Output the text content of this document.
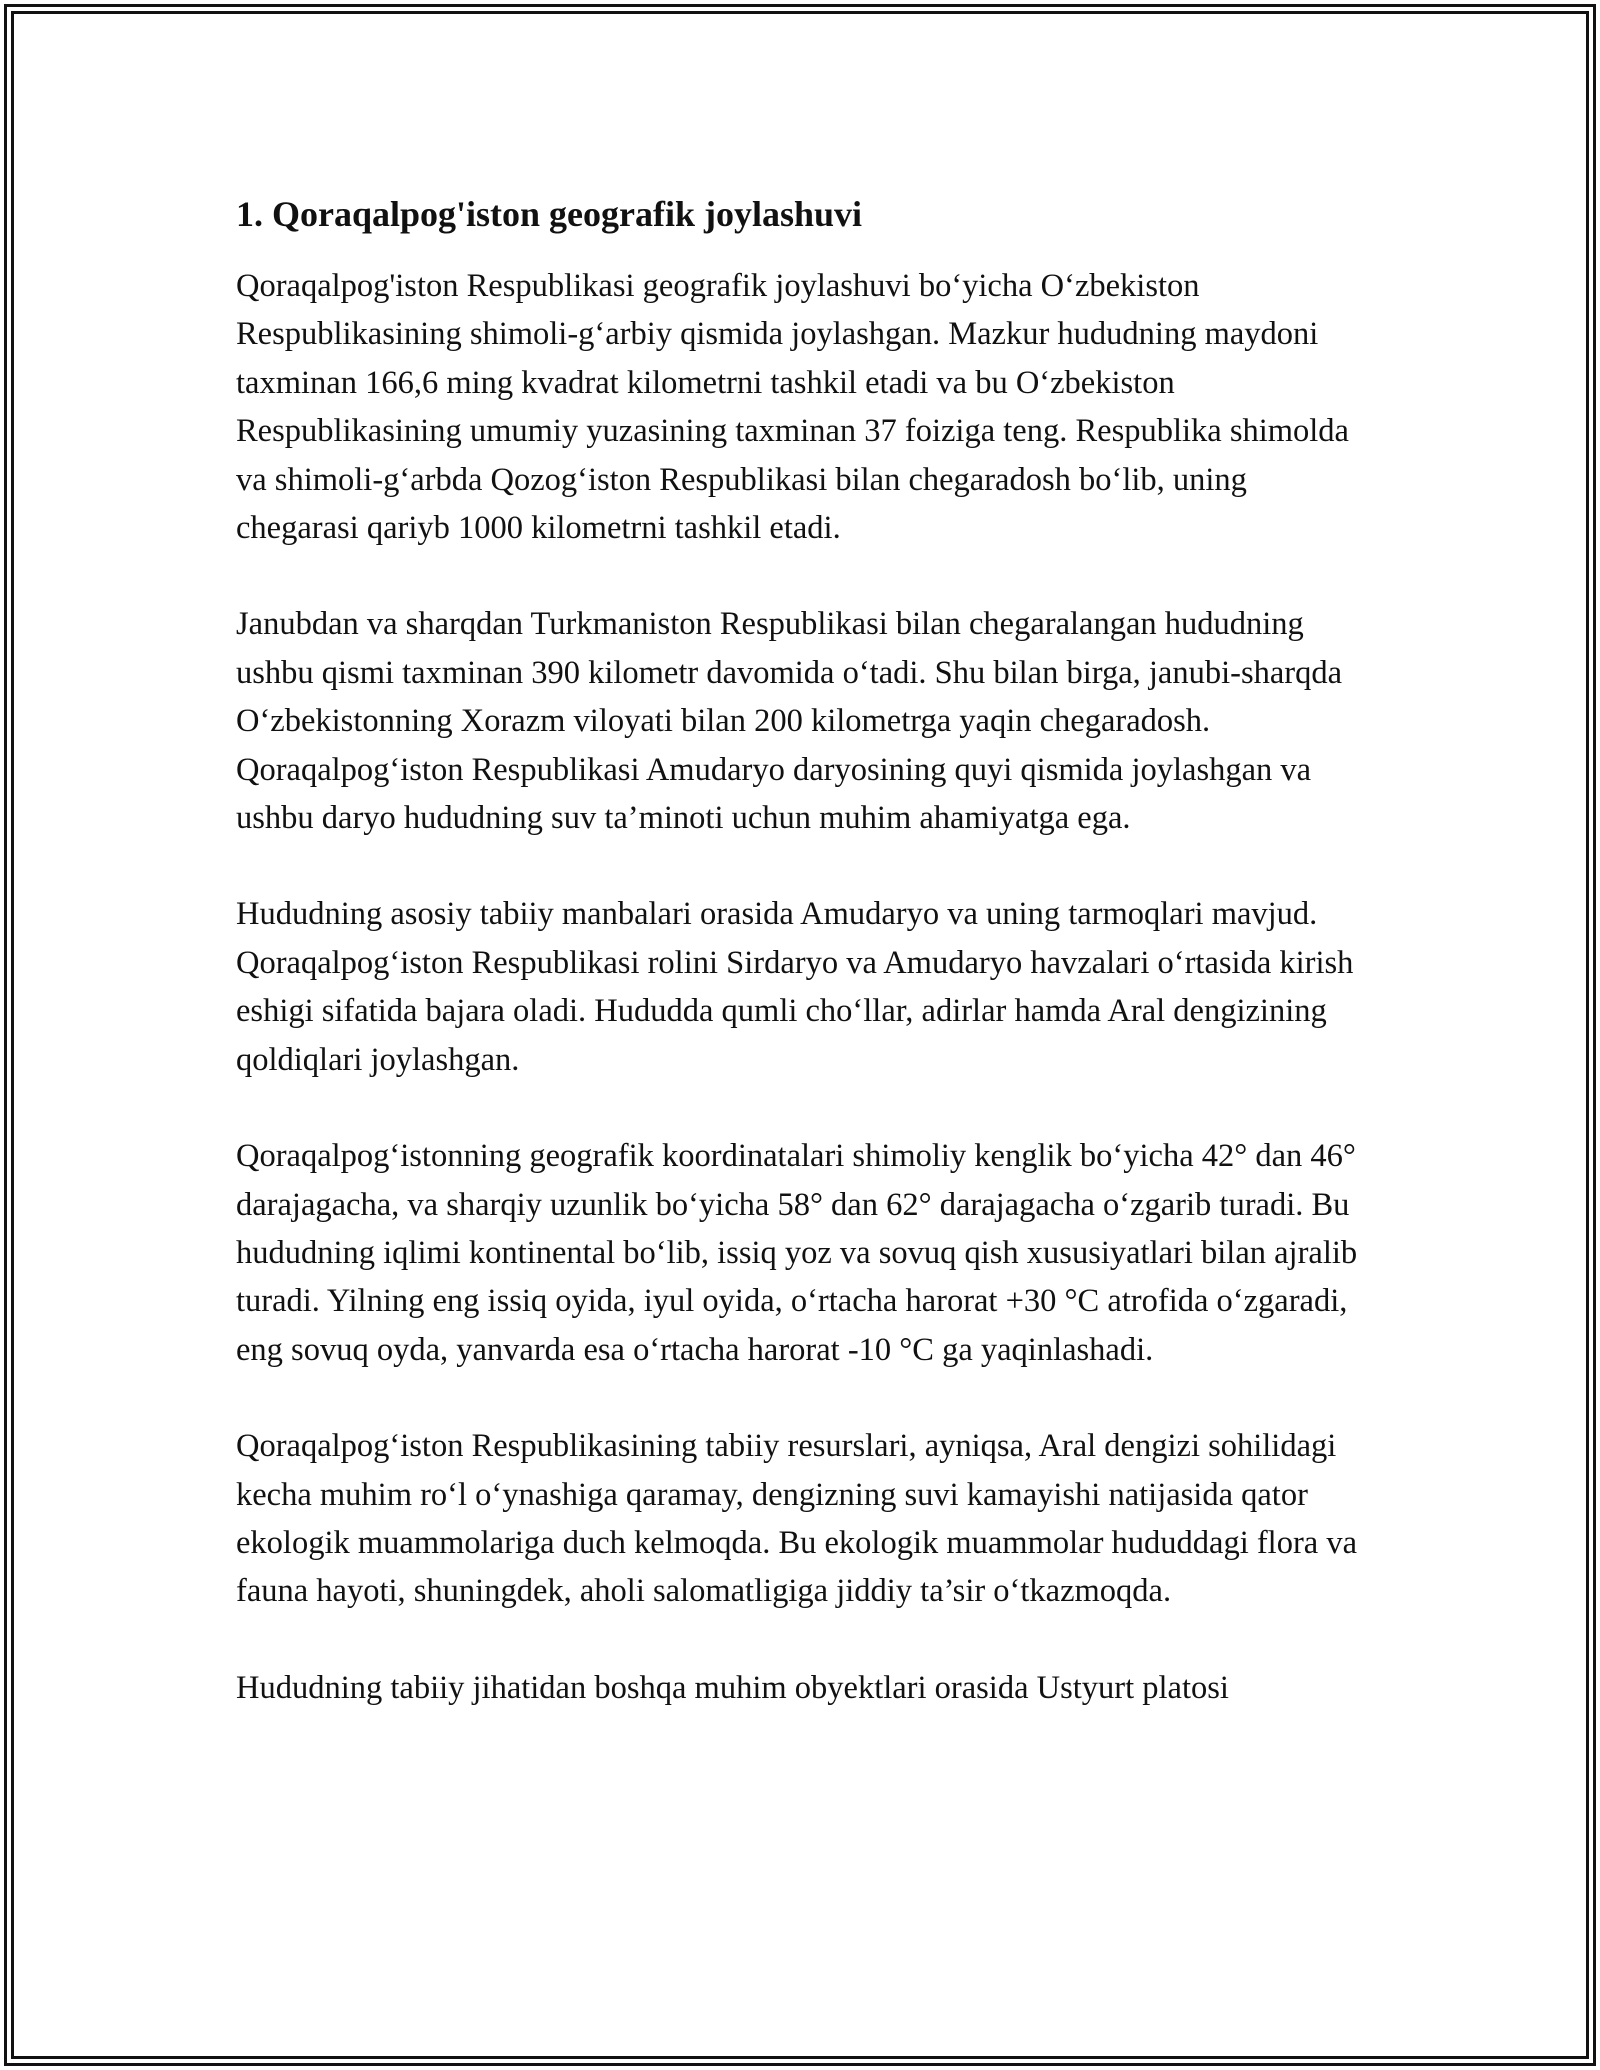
1. Qoraqalpog'iston geografik joylashuvi

Qoraqalpog'iston Respublikasi geografik joylashuvi bo‘yicha O‘zbekiston Respublikasining shimoli-g‘arbiy qismida joylashgan. Mazkur hududning maydoni taxminan 166,6 ming kvadrat kilometrni tashkil etadi va bu O‘zbekiston Respublikasining umumiy yuzasining taxminan 37 foiziga teng. Respublika shimolda va shimoli-g‘arbda Qozog‘iston Respublikasi bilan chegaradosh bo‘lib, uning chegarasi qariyb 1000 kilometrni tashkil etadi.

Janubdan va sharqdan Turkmaniston Respublikasi bilan chegaralangan hududning ushbu qismi taxminan 390 kilometr davomida o‘tadi. Shu bilan birga, janubi-sharqda O‘zbekistonning Xorazm viloyati bilan 200 kilometrga yaqin chegaradosh. Qoraqalpog‘iston Respublikasi Amudaryo daryosining quyi qismida joylashgan va ushbu daryo hududning suv ta’minoti uchun muhim ahamiyatga ega.

Hududning asosiy tabiiy manbalari orasida Amudaryo va uning tarmoqlari mavjud. Qoraqalpog‘iston Respublikasi rolini Sirdaryo va Amudaryo havzalari o‘rtasida kirish eshigi sifatida bajara oladi. Hududda qumli cho‘llar, adirlar hamda Aral dengizining qoldiqlari joylashgan.

Qoraqalpog‘istonning geografik koordinatalari shimoliy kenglik bo‘yicha 42° dan 46° darajagacha, va sharqiy uzunlik bo‘yicha 58° dan 62° darajagacha o‘zgarib turadi. Bu hududning iqlimi kontinental bo‘lib, issiq yoz va sovuq qish xususiyatlari bilan ajralib turadi. Yilning eng issiq oyida, iyul oyida, o‘rtacha harorat +30 °C atrofida o‘zgaradi, eng sovuq oyda, yanvarda esa o‘rtacha harorat -10 °C ga yaqinlashadi.

Qoraqalpog‘iston Respublikasining tabiiy resurslari, ayniqsa, Aral dengizi sohilidagi kecha muhim ro‘l o‘ynashiga qaramay, dengizning suvi kamayishi natijasida qator ekologik muammolariga duch kelmoqda. Bu ekologik muammolar hududdagi flora va fauna hayoti, shuningdek, aholi salomatligiga jiddiy ta’sir o‘tkazmoqda.

Hududning tabiiy jihatidan boshqa muhim obyektlari orasida Ustyurt platosi
